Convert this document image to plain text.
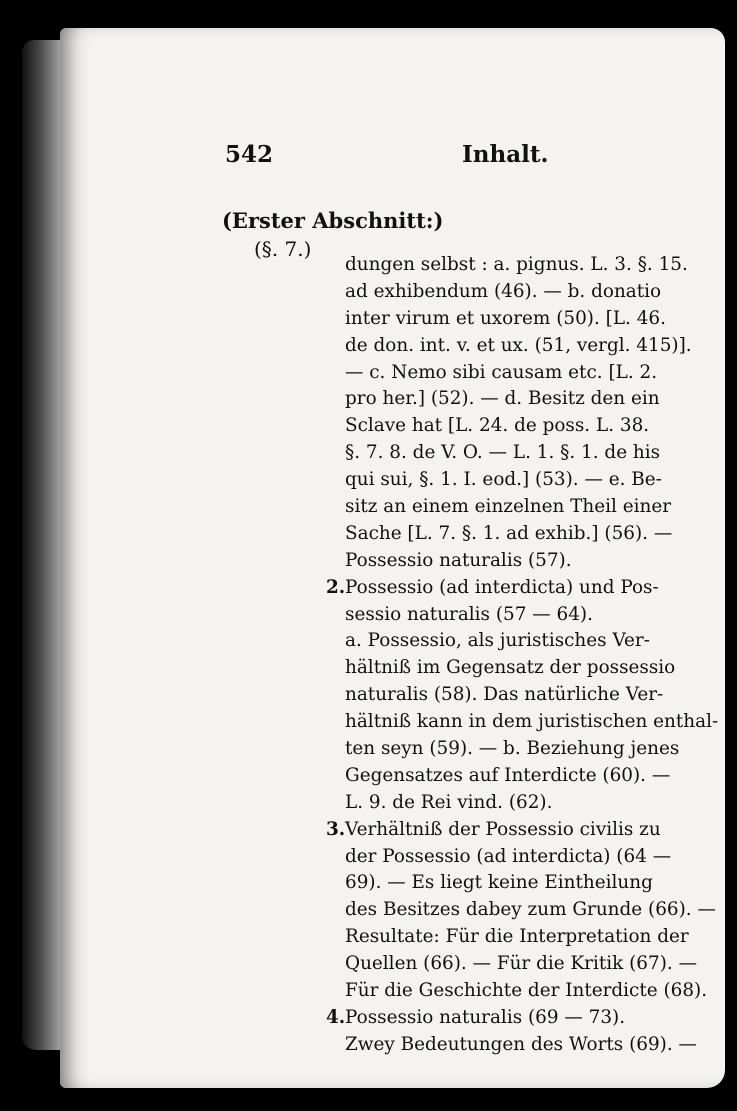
542	Inhalt.
(Erster Abschnitt:)
(§. 7.)
dungen selbst : a. pignus. L. 3. §. 15.
ad exhibendum (46). — b. donatio
inter virum et uxorem (50). [L. 46.
de don. int. v. et ux. (51, vergl. 415)].
— c. Nemo sibi causam etc. [L. 2.
pro her.] (52). — d. Besitz den ein
Sclave hat [L. 24. de poss. L. 38.
§. 7. 8. de V. O. — L. 1. §. 1. de his
qui sui, §. 1. I. eod.] (53). — e. Be-
sitz an einem einzelnen Theil einer
Sache [L. 7. §. 1. ad exhib.] (56). —
Possessio naturalis (57).
2. Possessio (ad interdicta) und Pos-
sessio naturalis (57 — 64).
a. Possessio, als juristisches Ver-
hältniß im Gegensatz der possessio
naturalis (58). Das natürliche Ver-
hältniß kann in dem juristischen enthal-
ten seyn (59). — b. Beziehung jenes
Gegensatzes auf Interdicte (60). —
L. 9. de Rei vind. (62).
3. Verhältniß der Possessio civilis zu
der Possessio (ad interdicta) (64 —
69). — Es liegt keine Eintheilung
des Besitzes dabey zum Grunde (66). —
Resultate: Für die Interpretation der
Quellen (66). — Für die Kritik (67). —
Für die Geschichte der Interdicte (68).
4. Possessio naturalis (69 — 73).
Zwey Bedeutungen des Worts (69). —
